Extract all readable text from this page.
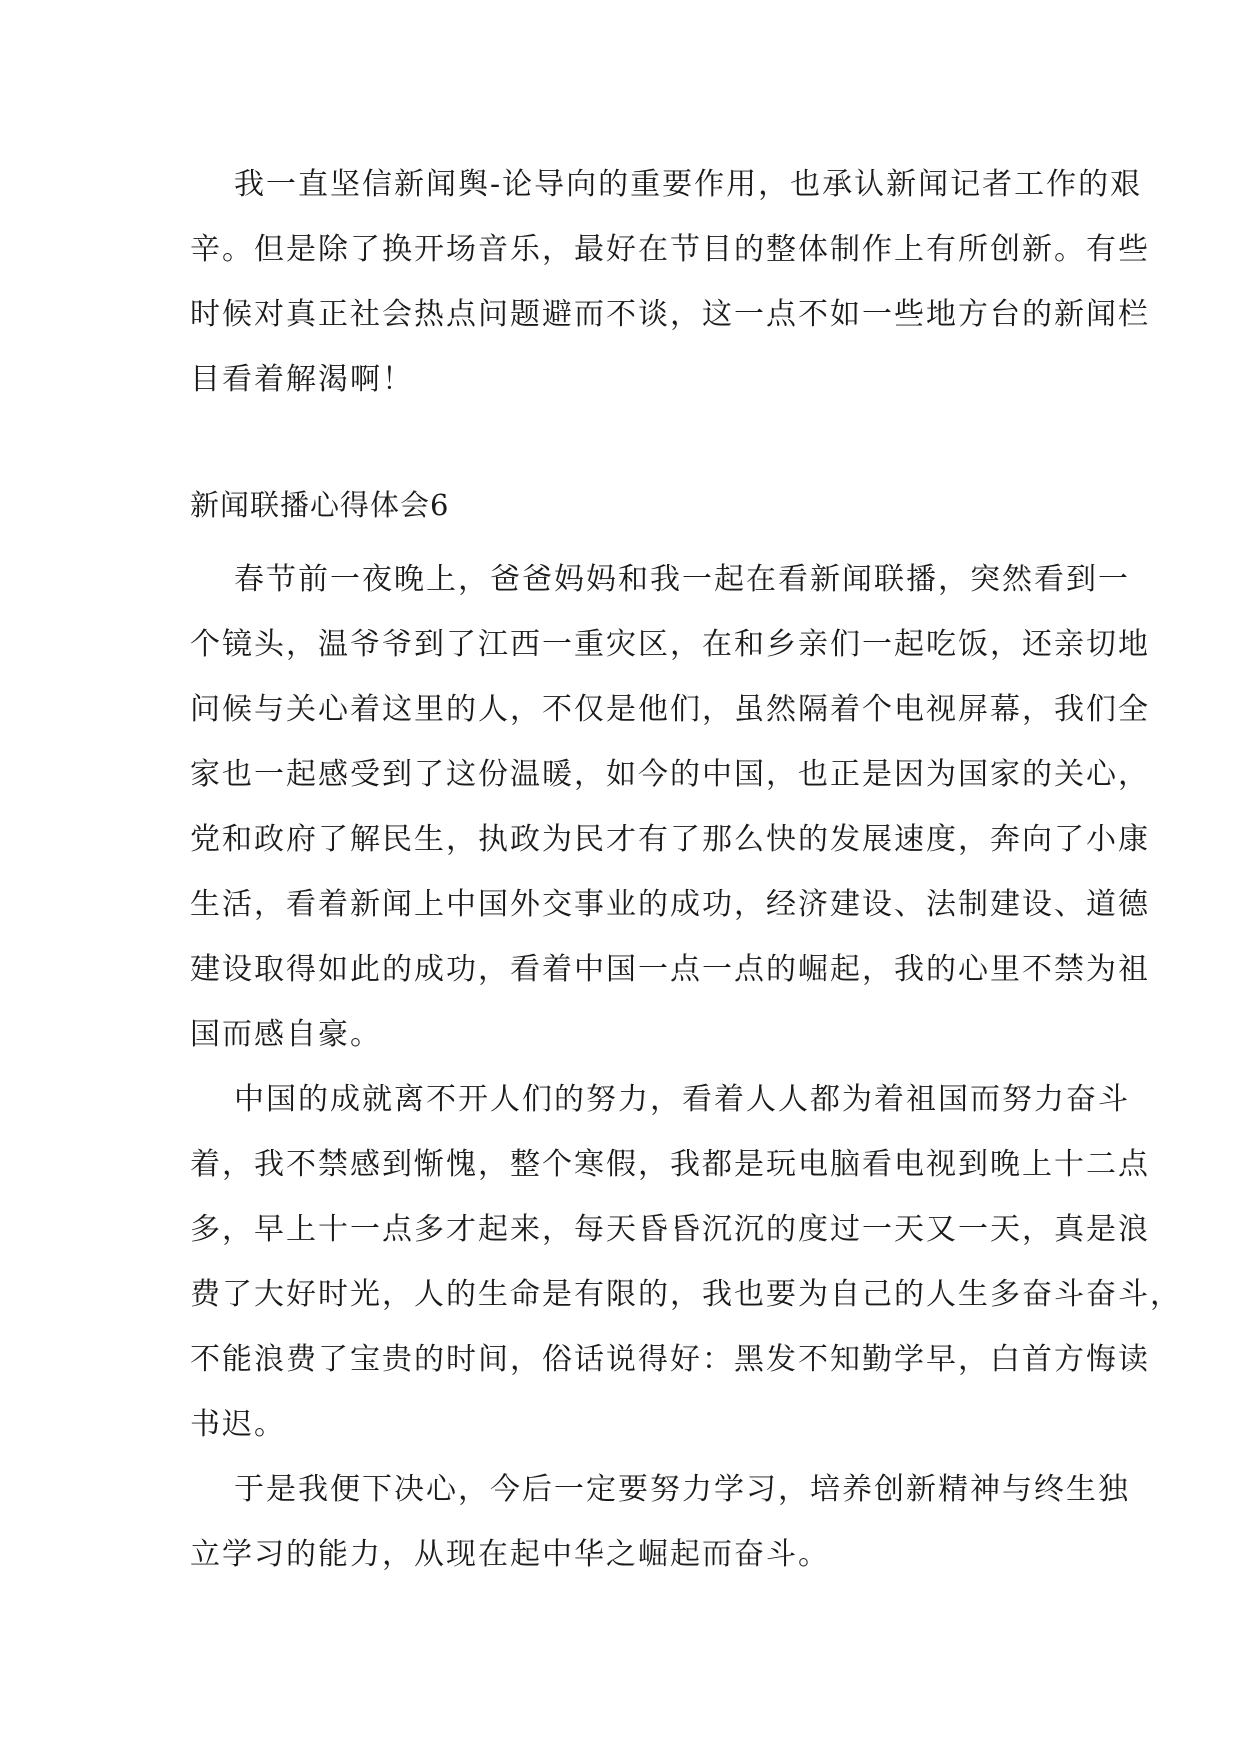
我一直坚信新闻舆-论导向的重要作用，也承认新闻记者工作的艰
辛。但是除了换开场音乐，最好在节目的整体制作上有所创新。有些
时候对真正社会热点问题避而不谈，这一点不如一些地方台的新闻栏
目看着解渴啊！
新闻联播心得体会6
春节前一夜晚上，爸爸妈妈和我一起在看新闻联播，突然看到一
个镜头，温爷爷到了江西一重灾区，在和乡亲们一起吃饭，还亲切地
问候与关心着这里的人，不仅是他们，虽然隔着个电视屏幕，我们全
家也一起感受到了这份温暖，如今的中国，也正是因为国家的关心，
党和政府了解民生，执政为民才有了那么快的发展速度，奔向了小康
生活，看着新闻上中国外交事业的成功，经济建设、法制建设、道德
建设取得如此的成功，看着中国一点一点的崛起，我的心里不禁为祖
国而感自豪。
中国的成就离不开人们的努力，看着人人都为着祖国而努力奋斗
着，我不禁感到惭愧，整个寒假，我都是玩电脑看电视到晚上十二点
多，早上十一点多才起来，每天昏昏沉沉的度过一天又一天，真是浪
费了大好时光，人的生命是有限的，我也要为自己的人生多奋斗奋斗，
不能浪费了宝贵的时间，俗话说得好：黑发不知勤学早，白首方悔读
书迟。
于是我便下决心，今后一定要努力学习，培养创新精神与终生独
立学习的能力，从现在起中华之崛起而奋斗。
